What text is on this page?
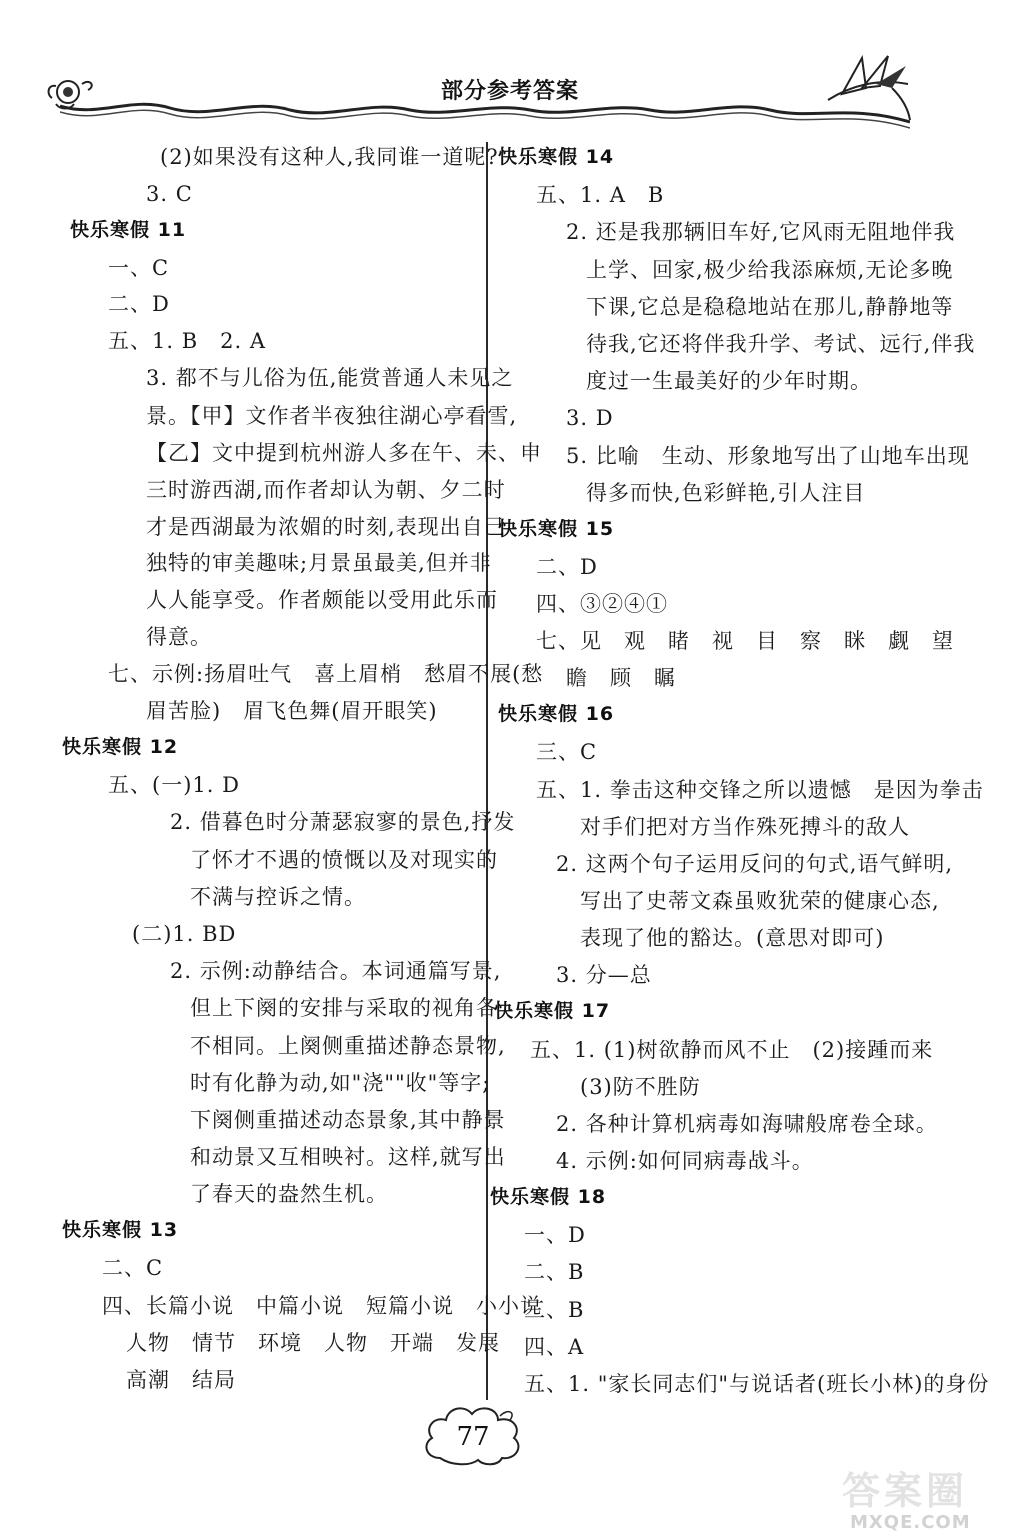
部分参考答案
(2)如果没有这种人,我同谁一道呢?
3. C
快乐寒假 11
一、C
二、D
五、1. B　2. A
3. 都不与儿俗为伍,能赏普通人未见之
景。【甲】文作者半夜独往湖心亭看雪,
【乙】文中提到杭州游人多在午、未、申
三时游西湖,而作者却认为朝、夕二时
才是西湖最为浓媚的时刻,表现出自己
独特的审美趣味;月景虽最美,但并非
人人能享受。作者颇能以受用此乐而
得意。
七、示例:扬眉吐气　喜上眉梢　愁眉不展(愁
眉苦脸)　眉飞色舞(眉开眼笑)
快乐寒假 12
五、(一)1. D
2. 借暮色时分萧瑟寂寥的景色,抒发
了怀才不遇的愤慨以及对现实的
不满与控诉之情。
(二)1. BD
2. 示例:动静结合。本词通篇写景,
但上下阕的安排与采取的视角各
不相同。上阕侧重描述静态景物,
时有化静为动,如"浇""收"等字;
下阕侧重描述动态景象,其中静景
和动景又互相映衬。这样,就写出
了春天的盎然生机。
快乐寒假 13
二、C
四、长篇小说　中篇小说　短篇小说　小小说
人物　情节　环境　人物　开端　发展
高潮　结局
快乐寒假 14
五、1. A　B
2. 还是我那辆旧车好,它风雨无阻地伴我
上学、回家,极少给我添麻烦,无论多晚
下课,它总是稳稳地站在那儿,静静地等
待我,它还将伴我升学、考试、远行,伴我
度过一生最美好的少年时期。
3. D
5. 比喻　生动、形象地写出了山地车出现
得多而快,色彩鲜艳,引人注目
快乐寒假 15
二、D
四、③②④①
七、见　观　睹　视　目　察　眯　觑　望
瞻　顾　瞩
快乐寒假 16
三、C
五、1. 拳击这种交锋之所以遗憾　是因为拳击
对手们把对方当作殊死搏斗的敌人
2. 这两个句子运用反问的句式,语气鲜明,
写出了史蒂文森虽败犹荣的健康心态,
表现了他的豁达。(意思对即可)
3. 分—总
快乐寒假 17
五、1. (1)树欲静而风不止　(2)接踵而来
(3)防不胜防
2. 各种计算机病毒如海啸般席卷全球。
4. 示例:如何同病毒战斗。
快乐寒假 18
一、D
二、B
三、B
四、A
五、1. "家长同志们"与说话者(班长小林)的身份
77
答案圈
MXQE.COM
